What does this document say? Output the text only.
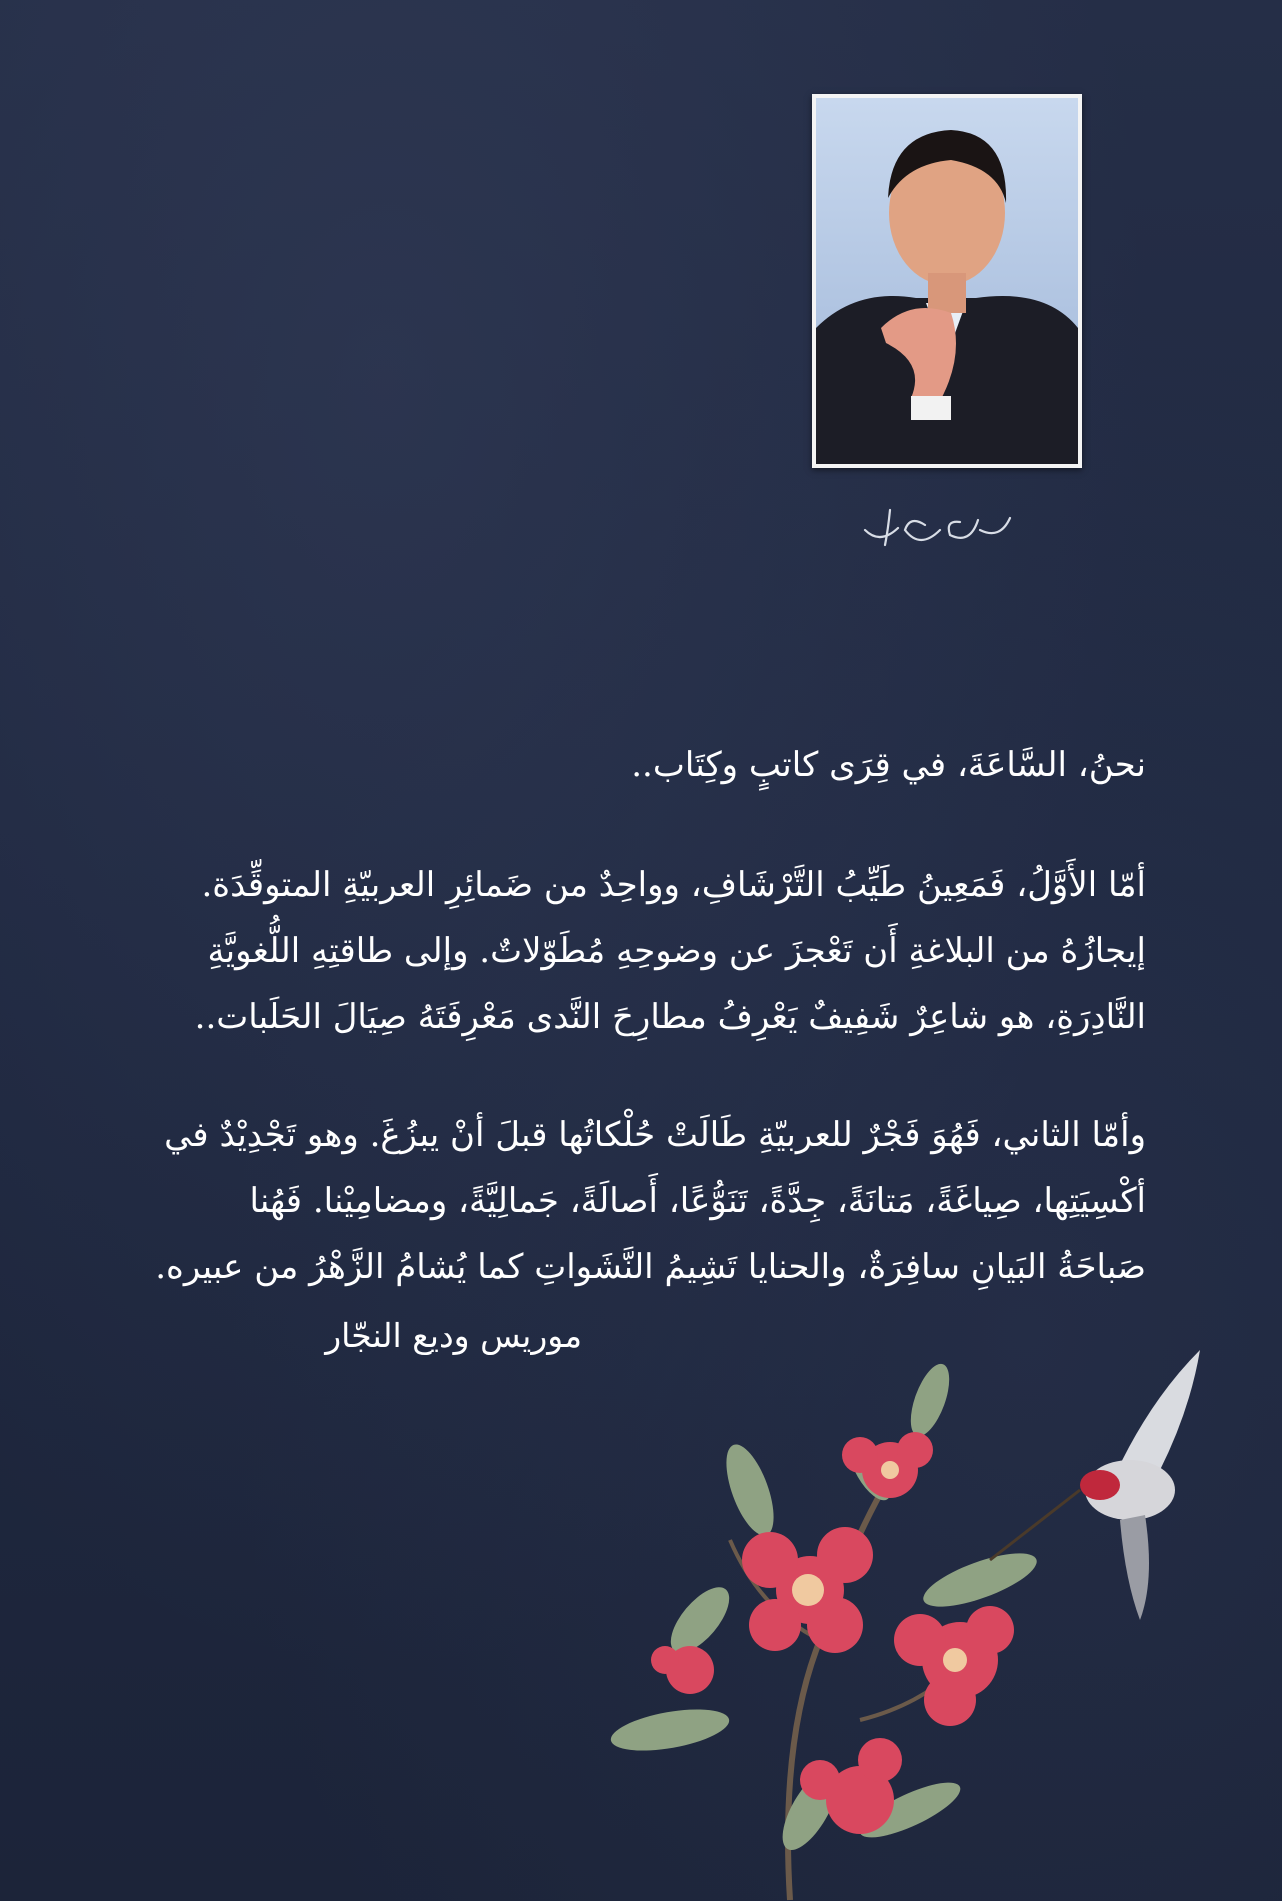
نحنُ، السَّاعَةَ، في قِرَى كاتبٍ وكِتَاب..

أمّا الأَوَّلُ، فَمَعِينُ طَيِّبُ التَّرْشَافِ، وواحِدٌ من ضَمائِرِ العربيّةِ المتوقِّدَة.

إيجازُهُ من البلاغةِ أَن تَعْجزَ عن وضوحِهِ مُطَوّلاتٌ. وإلى طاقتِهِ اللُّغويَّةِ

النَّادِرَةِ، هو شاعِرٌ شَفِيفٌ يَعْرِفُ مطارِحَ النَّدى مَعْرِفَتَهُ صِيَالَ الحَلَبات..

وأمّا الثاني، فَهُوَ فَجْرٌ للعربيّةِ طَالَتْ حُلْكاتُها قبلَ أنْ يبزُغَ. وهو تَجْدِيْدٌ في

أكْسِيَتِها، صِياغَةً، مَتانَةً، جِدَّةً، تَنَوُّعًا، أَصالَةً، جَمالِيَّةً، ومضامِيْنا. فَهُنا

صَباحَةُ البَيانِ سافِرَةٌ، والحنايا تَشِيمُ النَّشَواتِ كما يُشامُ الزَّهْرُ من عبيره.

موريس وديع النجّار
